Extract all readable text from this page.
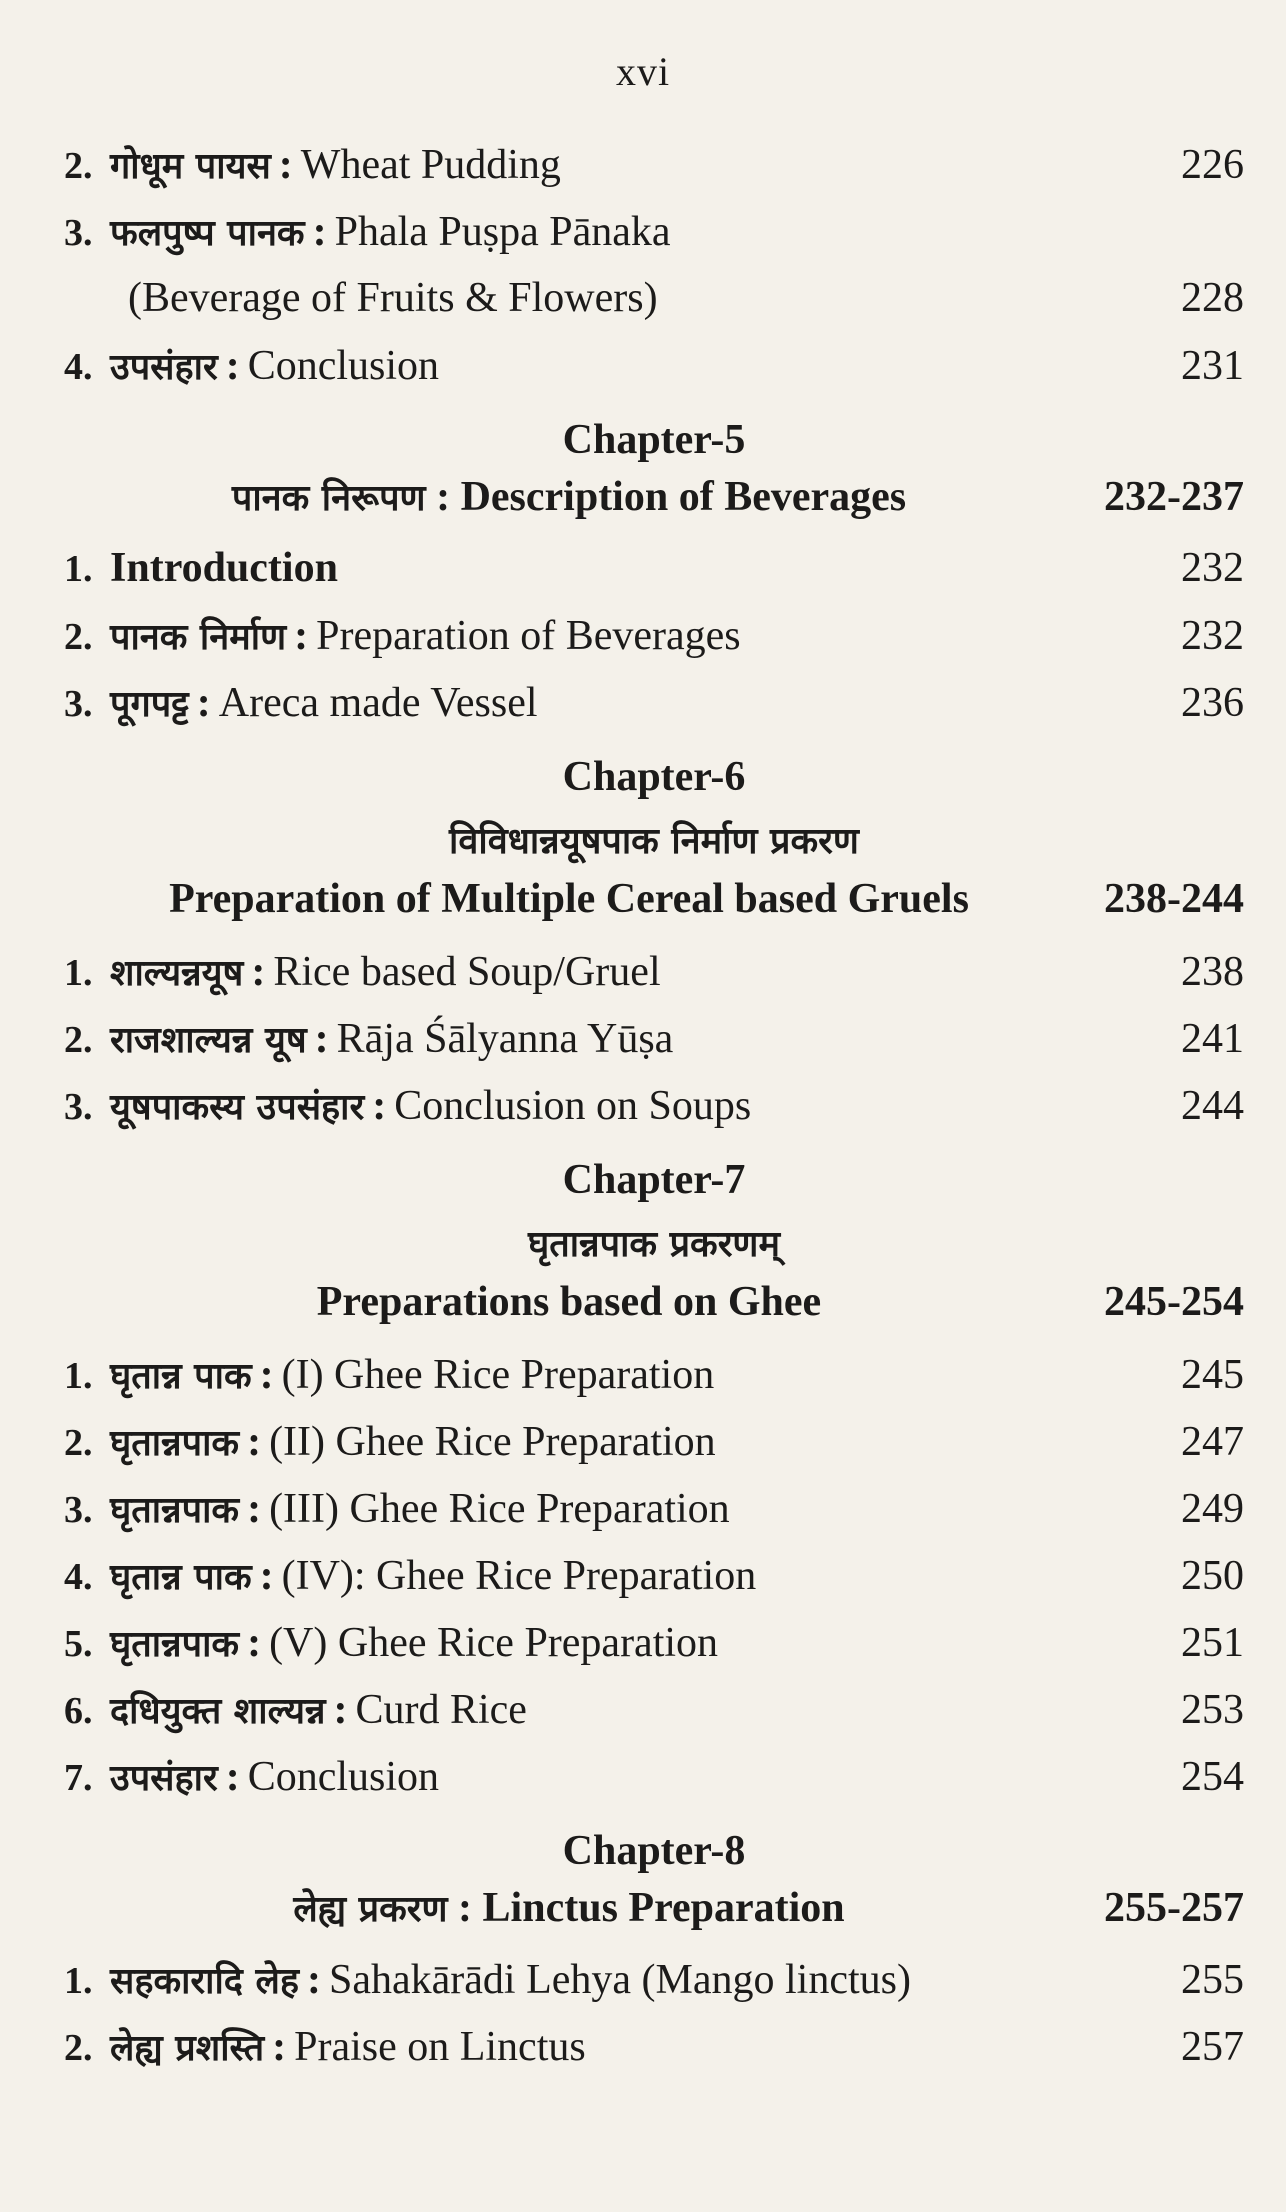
xvi
2. गोधूम पायस : Wheat Pudding	226
3. फलपुष्प पानक : Phala Puṣpa Pānaka
(Beverage of Fruits & Flowers)	228
4. उपसंहार : Conclusion	231
Chapter-5
पानक निरूपण : Description of Beverages	232-237
1. Introduction	232
2. पानक निर्माण : Preparation of Beverages	232
3. पूगपट्ट : Areca made Vessel	236
Chapter-6
विविधान्नयूषपाक निर्माण प्रकरण
Preparation of Multiple Cereal based Gruels	238-244
1. शाल्यन्नयूष : Rice based Soup/Gruel	238
2. राजशाल्यन्न यूष : Rāja Śālyanna Yūṣa	241
3. यूषपाकस्य उपसंहार : Conclusion on Soups	244
Chapter-7
घृतान्नपाक प्रकरणम्
Preparations based on Ghee	245-254
1. घृतान्न पाक : (I) Ghee Rice Preparation	245
2. घृतान्नपाक : (II) Ghee Rice Preparation	247
3. घृतान्नपाक : (III) Ghee Rice Preparation	249
4. घृतान्न पाक : (IV): Ghee Rice Preparation	250
5. घृतान्नपाक : (V) Ghee Rice Preparation	251
6. दधियुक्त शाल्यन्न : Curd Rice	253
7. उपसंहार : Conclusion	254
Chapter-8
लेह्य प्रकरण : Linctus Preparation	255-257
1. सहकारादि लेह : Sahakārādi Lehya (Mango linctus)	255
2. लेह्य प्रशस्ति : Praise on Linctus	257
